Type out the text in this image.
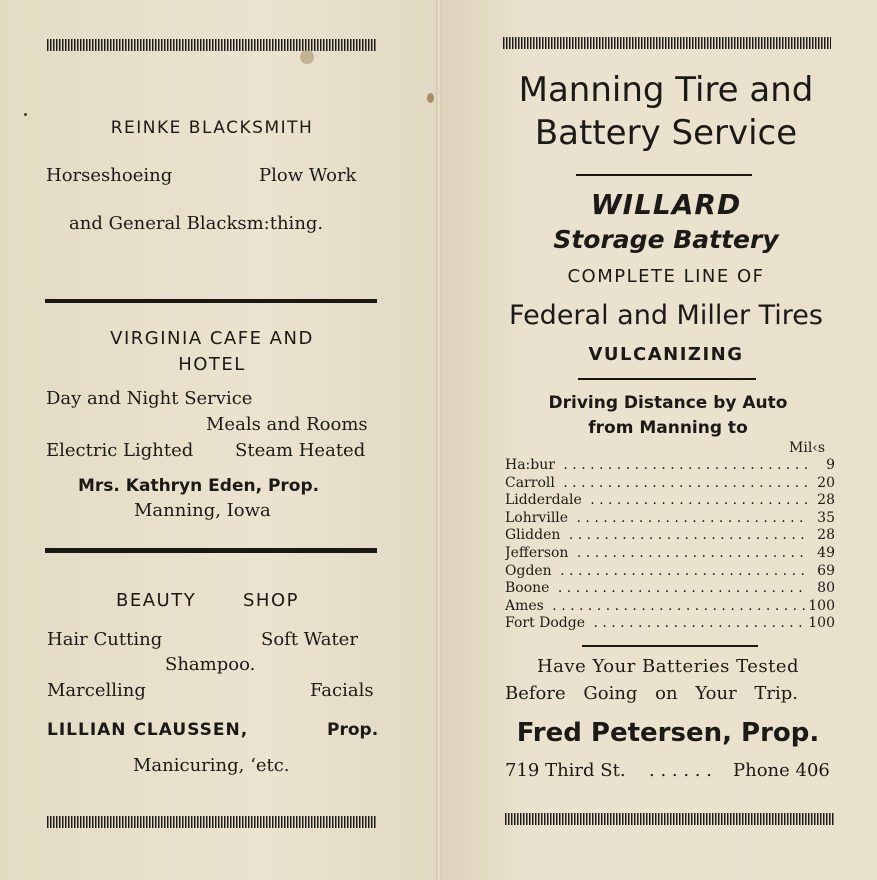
REINKE BLACKSMITH
Horseshoeing	Plow Work
and General Blacksm:thing.
VIRGINIA CAFE AND
HOTEL
Day and Night Service
Meals and Rooms
Electric Lighted Steam Heated
Mrs. Kathryn Eden, Prop.
Manning, Iowa
BEAUTY	SHOP
Hair Cutting	Soft Water
Shampoo.
Marcelling	Facials
LILLIAN CLAUSSEN,	Prop.
Manicuring, ‘etc.
Manning Tire and
Battery Service
WILLARD
Storage Battery
COMPLETE LINE OF
Federal and Miller Tires
VULCANIZING
Driving Distance by Auto
from Manning to
Mil‹s
Ha:bur . . .	9
Carroll . . .	20
Lidderdale . . .	28
Lohrville . . .	35
Glidden . . .	28
Jefferson . . .	49
Ogden . . .	69
Boone . . .	80
Ames . . .	100
Fort Dodge . . .	100
Have Your Batteries Tested
Before Going on Your Trip.
Fred Petersen, Prop.
719 Third St. . . . . . . Phone 406
